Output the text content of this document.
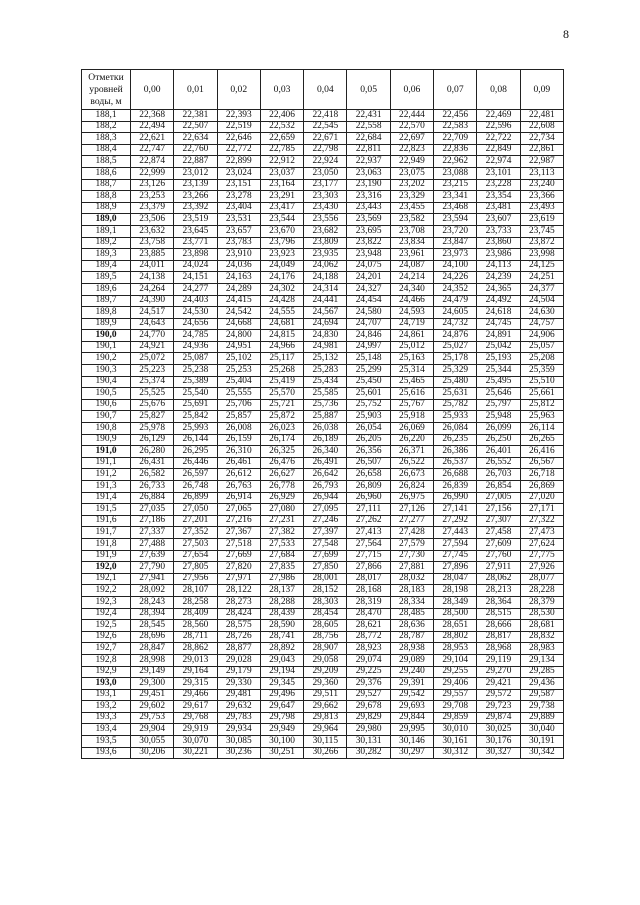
8
Отметки
уровней
воды, м	0,00	0,01	0,02	0,03	0,04	0,05	0,06	0,07	0,08	0,09
188,1	22,368	22,381	22,393	22,406	22,418	22,431	22,444	22,456	22,469	22,481
188,2	22,494	22,507	22,519	22,532	22,545	22,558	22,570	22,583	22,596	22,608
188,3	22,621	22,634	22,646	22,659	22,671	22,684	22,697	22,709	22,722	22,734
188,4	22,747	22,760	22,772	22,785	22,798	22,811	22,823	22,836	22,849	22,861
188,5	22,874	22,887	22,899	22,912	22,924	22,937	22,949	22,962	22,974	22,987
188,6	22,999	23,012	23,024	23,037	23,050	23,063	23,075	23,088	23,101	23,113
188,7	23,126	23,139	23,151	23,164	23,177	23,190	23,202	23,215	23,228	23,240
188,8	23,253	23,266	23,278	23,291	23,303	23,316	23,329	23,341	23,354	23,366
188,9	23,379	23,392	23,404	23,417	23,430	23,443	23,455	23,468	23,481	23,493
189,0	23,506	23,519	23,531	23,544	23,556	23,569	23,582	23,594	23,607	23,619
189,1	23,632	23,645	23,657	23,670	23,682	23,695	23,708	23,720	23,733	23,745
189,2	23,758	23,771	23,783	23,796	23,809	23,822	23,834	23,847	23,860	23,872
189,3	23,885	23,898	23,910	23,923	23,935	23,948	23,961	23,973	23,986	23,998
189,4	24,011	24,024	24,036	24,049	24,062	24,075	24,087	24,100	24,113	24,125
189,5	24,138	24,151	24,163	24,176	24,188	24,201	24,214	24,226	24,239	24,251
189,6	24,264	24,277	24,289	24,302	24,314	24,327	24,340	24,352	24,365	24,377
189,7	24,390	24,403	24,415	24,428	24,441	24,454	24,466	24,479	24,492	24,504
189,8	24,517	24,530	24,542	24,555	24,567	24,580	24,593	24,605	24,618	24,630
189,9	24,643	24,656	24,668	24,681	24,694	24,707	24,719	24,732	24,745	24,757
190,0	24,770	24,785	24,800	24,815	24,830	24,846	24,861	24,876	24,891	24,906
190,1	24,921	24,936	24,951	24,966	24,981	24,997	25,012	25,027	25,042	25,057
190,2	25,072	25,087	25,102	25,117	25,132	25,148	25,163	25,178	25,193	25,208
190,3	25,223	25,238	25,253	25,268	25,283	25,299	25,314	25,329	25,344	25,359
190,4	25,374	25,389	25,404	25,419	25,434	25,450	25,465	25,480	25,495	25,510
190,5	25,525	25,540	25,555	25,570	25,585	25,601	25,616	25,631	25,646	25,661
190,6	25,676	25,691	25,706	25,721	25,736	25,752	25,767	25,782	25,797	25,812
190,7	25,827	25,842	25,857	25,872	25,887	25,903	25,918	25,933	25,948	25,963
190,8	25,978	25,993	26,008	26,023	26,038	26,054	26,069	26,084	26,099	26,114
190,9	26,129	26,144	26,159	26,174	26,189	26,205	26,220	26,235	26,250	26,265
191,0	26,280	26,295	26,310	26,325	26,340	26,356	26,371	26,386	26,401	26,416
191,1	26,431	26,446	26,461	26,476	26,491	26,507	26,522	26,537	26,552	26,567
191,2	26,582	26,597	26,612	26,627	26,642	26,658	26,673	26,688	26,703	26,718
191,3	26,733	26,748	26,763	26,778	26,793	26,809	26,824	26,839	26,854	26,869
191,4	26,884	26,899	26,914	26,929	26,944	26,960	26,975	26,990	27,005	27,020
191,5	27,035	27,050	27,065	27,080	27,095	27,111	27,126	27,141	27,156	27,171
191,6	27,186	27,201	27,216	27,231	27,246	27,262	27,277	27,292	27,307	27,322
191,7	27,337	27,352	27,367	27,382	27,397	27,413	27,428	27,443	27,458	27,473
191,8	27,488	27,503	27,518	27,533	27,548	27,564	27,579	27,594	27,609	27,624
191,9	27,639	27,654	27,669	27,684	27,699	27,715	27,730	27,745	27,760	27,775
192,0	27,790	27,805	27,820	27,835	27,850	27,866	27,881	27,896	27,911	27,926
192,1	27,941	27,956	27,971	27,986	28,001	28,017	28,032	28,047	28,062	28,077
192,2	28,092	28,107	28,122	28,137	28,152	28,168	28,183	28,198	28,213	28,228
192,3	28,243	28,258	28,273	28,288	28,303	28,319	28,334	28,349	28,364	28,379
192,4	28,394	28,409	28,424	28,439	28,454	28,470	28,485	28,500	28,515	28,530
192,5	28,545	28,560	28,575	28,590	28,605	28,621	28,636	28,651	28,666	28,681
192,6	28,696	28,711	28,726	28,741	28,756	28,772	28,787	28,802	28,817	28,832
192,7	28,847	28,862	28,877	28,892	28,907	28,923	28,938	28,953	28,968	28,983
192,8	28,998	29,013	29,028	29,043	29,058	29,074	29,089	29,104	29,119	29,134
192,9	29,149	29,164	29,179	29,194	29,209	29,225	29,240	29,255	29,270	29,285
193,0	29,300	29,315	29,330	29,345	29,360	29,376	29,391	29,406	29,421	29,436
193,1	29,451	29,466	29,481	29,496	29,511	29,527	29,542	29,557	29,572	29,587
193,2	29,602	29,617	29,632	29,647	29,662	29,678	29,693	29,708	29,723	29,738
193,3	29,753	29,768	29,783	29,798	29,813	29,829	29,844	29,859	29,874	29,889
193,4	29,904	29,919	29,934	29,949	29,964	29,980	29,995	30,010	30,025	30,040
193,5	30,055	30,070	30,085	30,100	30,115	30,131	30,146	30,161	30,176	30,191
193,6	30,206	30,221	30,236	30,251	30,266	30,282	30,297	30,312	30,327	30,342
